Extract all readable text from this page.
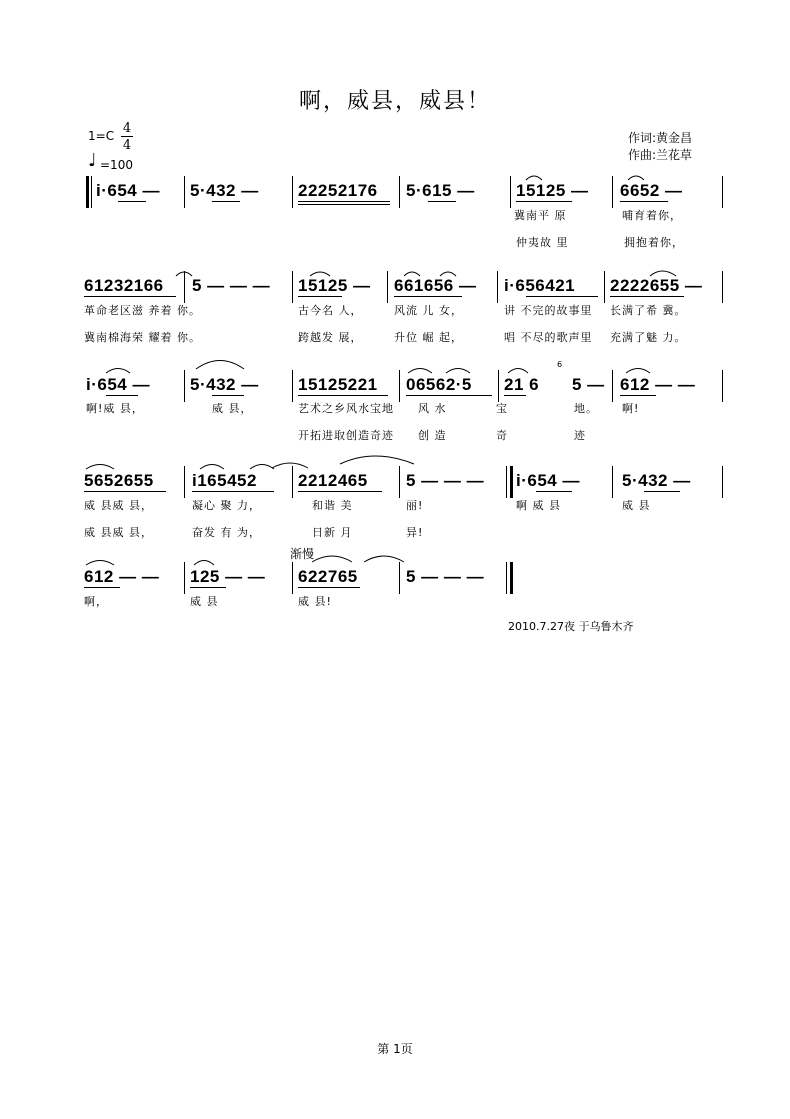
啊，威县，威县！
1=C 4
4
♩ =100
作词:黄金昌
作曲:兰花草
i·654 — 5·432 — 22252176 5·615 — 15125 — 6652 —
冀南平 原	哺育着你，
仲夷故 里	拥抱着你，
61232166 5 — — — 15125 — 661656 — i·656421 2222655 —
革命老区滋 养着 你。	古今名 人，	风流 儿 女，	讲 不完的故事里 长满了希 冀。
冀南棉海荣 耀着 你。	跨越发 展，	升位 崛 起，	唱 不尽的歌声里 充满了魅 力。
i·654 — 5·432 — 15125221 06562·5 21 6
6
5 — 612 — —
啊!威 县，	威 县，	艺术之乡风水宝地 风 水	宝	地。 啊!
开拓进取创造奇迹 创 造	奇	迹
5652655 i165452 2212465 5 — — — i·654 — 5·432 —
威 县威 县，	凝心 聚 力，	和谐 美	丽!	啊 威 县	威 县
威 县威 县，	奋发 有 为，	日新 月	异!
渐慢
612 — — 125 — — 622765	5 — — —
啊，	威 县	威 县!
2010.7.27夜 于乌鲁木齐
第 1页
